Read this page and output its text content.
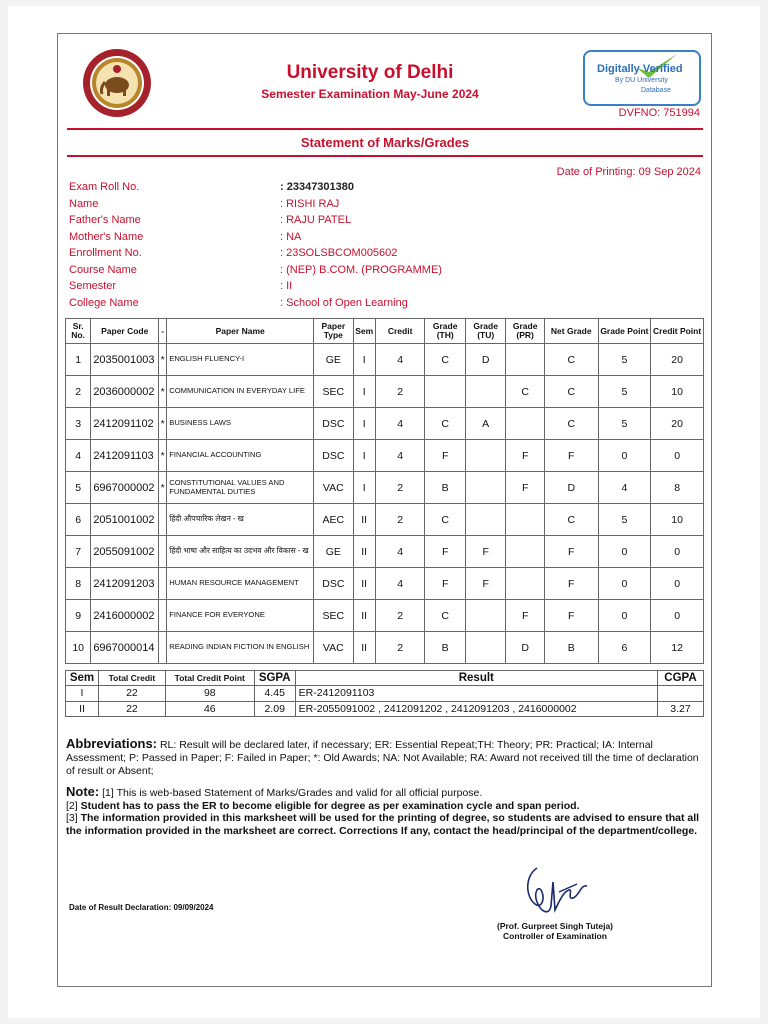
University of Delhi
Semester Examination May-June 2024
Digitally Verified
By DU University
Database
DVFNO: 751994
Statement of Marks/Grades
Date of Printing: 09 Sep 2024
Exam Roll No.	: 23347301380
Name	: RISHI RAJ
Father's Name	: RAJU PATEL
Mother's Name	: NA
Enrollment No.	: 23SOLSBCOM005602
Course Name	: (NEP) B.COM. (PROGRAMME)
Semester	: II
College Name	: School of Open Learning
Sr. No.	Paper Code	-	Paper Name	Paper Type	Sem	Credit	Grade (TH)	Grade (TU)	Grade (PR)	Net Grade	Grade Point	Credit Point
1	2035001003	*	ENGLISH FLUENCY-I	GE	I	4	C	D		C	5	20
2	2036000002	*	COMMUNICATION IN EVERYDAY LIFE	SEC	I	2			C	C	5	10
3	2412091102	*	BUSINESS LAWS	DSC	I	4	C	A		C	5	20
4	2412091103	*	FINANCIAL ACCOUNTING	DSC	I	4	F		F	F	0	0
5	6967000002	*	CONSTITUTIONAL VALUES AND FUNDAMENTAL DUTIES	VAC	I	2	B		F	D	4	8
6	2051001002		हिंदी औपचारिक लेखन - ख	AEC	II	2	C			C	5	10
7	2055091002		हिंदी भाषा और साहित्य का उदभव और विकास - ख	GE	II	4	F	F		F	0	0
8	2412091203		HUMAN RESOURCE MANAGEMENT	DSC	II	4	F	F		F	0	0
9	2416000002		FINANCE FOR EVERYONE	SEC	II	2	C		F	F	0	0
10	6967000014		READING INDIAN FICTION IN ENGLISH	VAC	II	2	B		D	B	6	12
Sem	Total Credit	Total Credit Point	SGPA	Result	CGPA
I	22	98	4.45	ER-2412091103	
II	22	46	2.09	ER-2055091002 , 2412091202 , 2412091203 , 2416000002	3.27
Abbreviations: RL: Result will be declared later, if necessary; ER: Essential Repeat;TH: Theory; PR: Practical; IA: Internal Assessment; P: Passed in Paper; F: Failed in Paper; *: Old Awards; NA: Not Available; RA: Award not received till the time of declaration of result or Absent;
Note: [1] This is web-based Statement of Marks/Grades and valid for all official purpose.
[2] Student has to pass the ER to become eligible for degree as per examination cycle and span period.
[3] The information provided in this marksheet will be used for the printing of degree, so students are advised to ensure that all the information provided in the marksheet are correct. Corrections If any, contact the head/principal of the department/college.
Date of Result Declaration: 09/09/2024
(Prof. Gurpreet Singh Tuteja)
Controller of Examination
